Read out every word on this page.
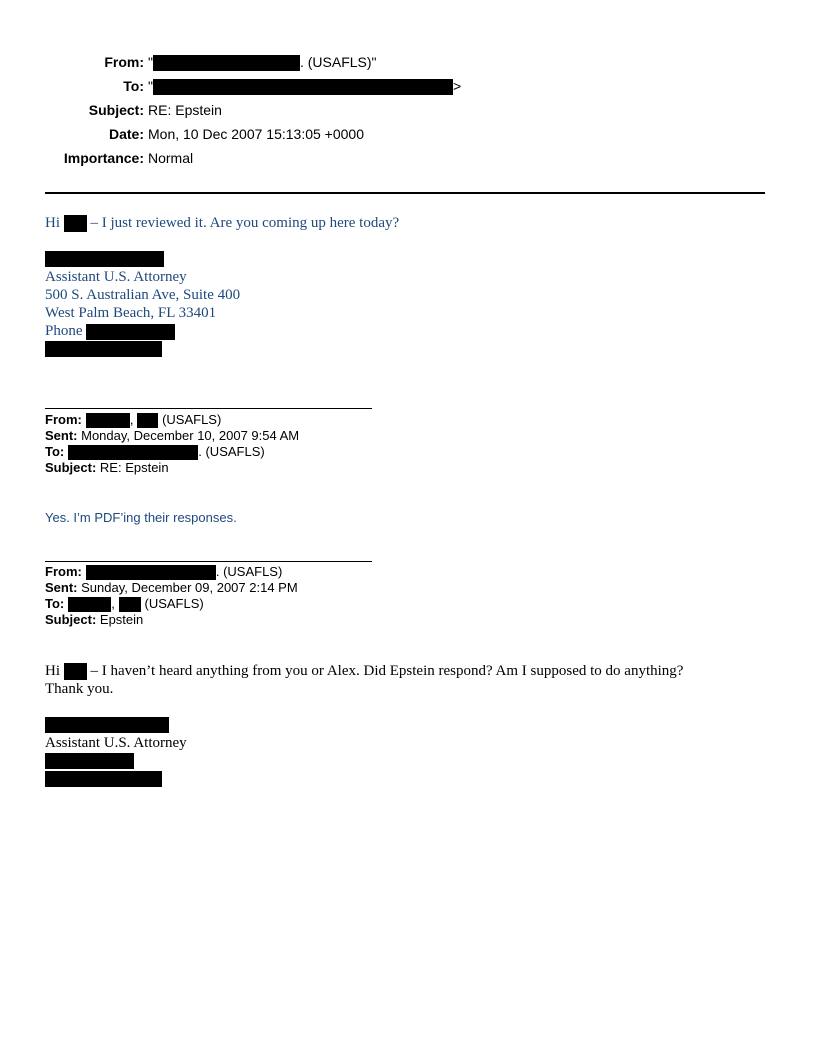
From: "	. (USAFLS)"
To: "	>
Subject: RE: Epstein
Date: Mon, 10 Dec 2007 15:13:05 +0000
Importance: Normal
Hi  – I just reviewed it. Are you coming up here today?
Assistant U.S. Attorney
500 S. Australian Ave, Suite 400
West Palm Beach, FL 33401
Phone
From:	,  (USAFLS)
Sent: Monday, December 10, 2007 9:54 AM
To:	. (USAFLS)
Subject: RE: Epstein
Yes. I’m PDF’ing their responses.
From:	. (USAFLS)
Sent: Sunday, December 09, 2007 2:14 PM
To:	,  (USAFLS)
Subject: Epstein
Hi  – I haven’t heard anything from you or Alex. Did Epstein respond? Am I supposed to do anything?
Thank you.
Assistant U.S. Attorney
